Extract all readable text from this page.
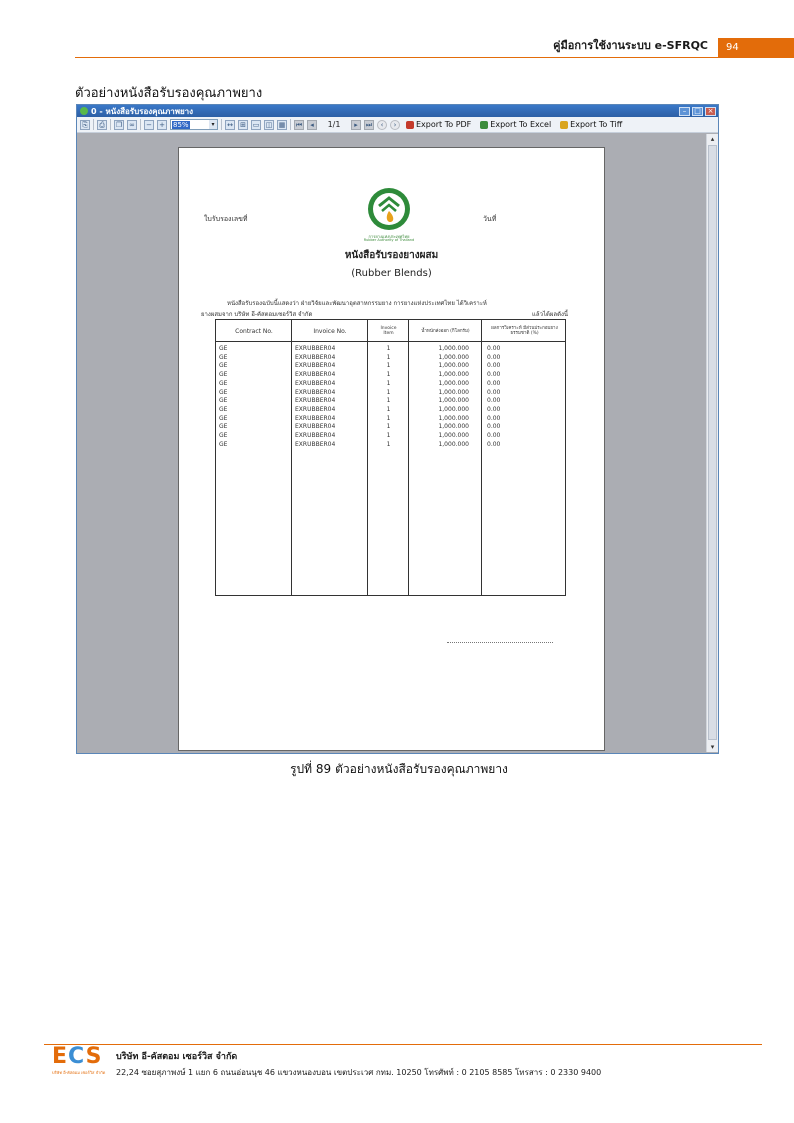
คู่มือการใช้งานระบบ e-SFRQC	94
ตัวอย่างหนังสือรับรองคุณภาพยาง
0 - หนังสือรับรองคุณภาพยาง	–	□ ×
⎘	⎙	❐ ∞ − + 85%	▾	↔ ⊞ ▭ ◫ ▦ ⏮	◂	1/1	▸	⏭	‹	›	Export To PDF Export To Excel Export To Tiff
การยางแห่งประเทศไทย
Rubber Authority of Thailand
ใบรับรองเลขที่	วันที่
หนังสือรับรองยางผสม
(Rubber Blends)
หนังสือรับรองฉบับนี้แสดงว่า ฝ่ายวิจัยและพัฒนาอุตสาหกรรมยาง การยางแห่งประเทศไทย ได้วิเคราะห์
ยางผสมจาก บริษัท อี-คัสตอมเซอร์วิส จำกัด	แล้วได้ผลดังนี้
Contract No.	Invoice No.	Invoice Item	น้ำหนักส่งออก (กิโลกรัม)	ผลการวิเคราะห์ มีส่วนประกอบยางธรรมชาติ (%)
GE	EXRUBBER04	1	1,000.000	0.00
GE	EXRUBBER04	1	1,000.000	0.00
GE	EXRUBBER04	1	1,000.000	0.00
GE	EXRUBBER04	1	1,000.000	0.00
GE	EXRUBBER04	1	1,000.000	0.00
GE	EXRUBBER04	1	1,000.000	0.00
GE	EXRUBBER04	1	1,000.000	0.00
GE	EXRUBBER04	1	1,000.000	0.00
GE	EXRUBBER04	1	1,000.000	0.00
GE	EXRUBBER04	1	1,000.000	0.00
GE	EXRUBBER04	1	1,000.000	0.00
GE	EXRUBBER04	1	1,000.000	0.00
▴
▾
รูปที่ 89 ตัวอย่างหนังสือรับรองคุณภาพยาง
ECS
บริษัท อี-คัสตอม เซอร์วิส จำกัด
บริษัท อี-คัสตอม เซอร์วิส จำกัด
22,24 ซอยสุภาพงษ์ 1 แยก 6 ถนนอ่อนนุช 46 แขวงหนองบอน เขตประเวศ กทม. 10250 โทรศัพท์ : 0 2105 8585 โทรสาร : 0 2330 9400
